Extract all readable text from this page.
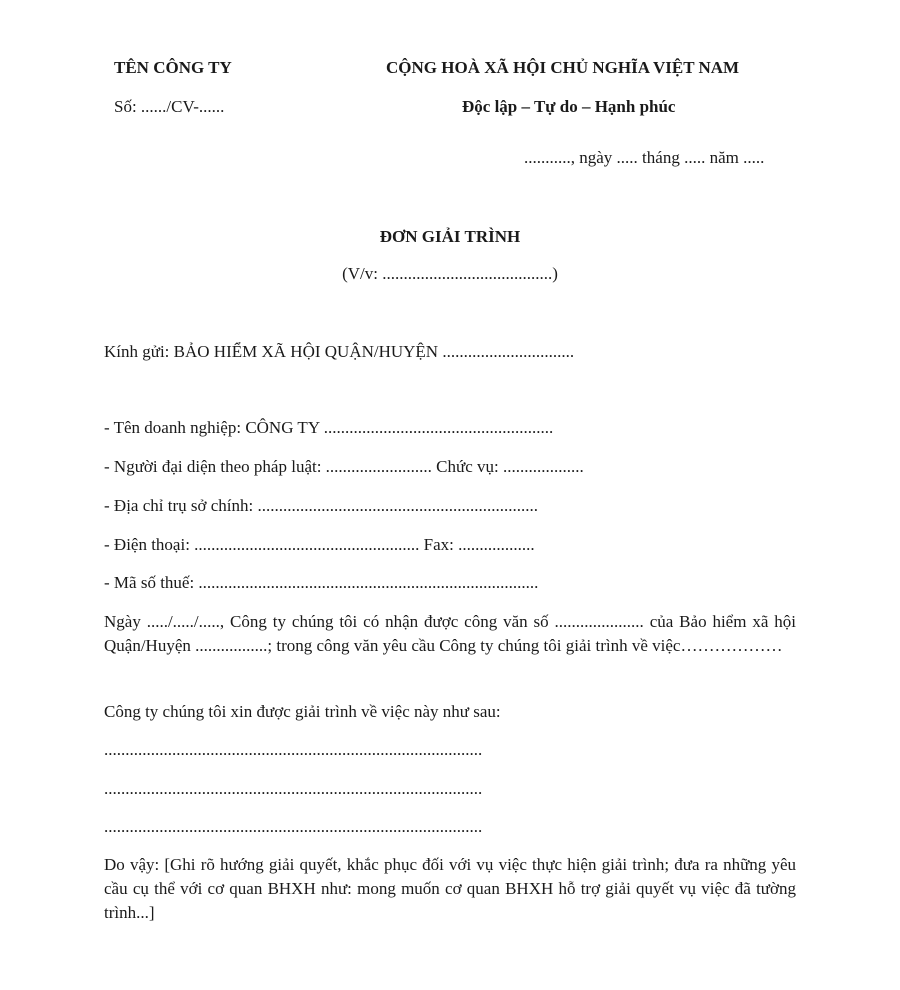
TÊN CÔNG TY
Số: ....../CV-......
CỘNG HOÀ XÃ HỘI CHỦ NGHĨA VIỆT NAM
Độc lập – Tự do – Hạnh phúc
..........., ngày ..... tháng ..... năm .....
ĐƠN GIẢI TRÌNH
(V/v: ........................................)
Kính gửi: BẢO HIỂM XÃ HỘI QUẬN/HUYỆN ...............................
- Tên doanh nghiệp: CÔNG TY ......................................................
- Người đại diện theo pháp luật: ......................... Chức vụ: ...................
- Địa chỉ trụ sở chính: ..................................................................
- Điện thoại: ..................................................... Fax: ..................
- Mã số thuế: ................................................................................
Ngày ...../...../....., Công ty chúng tôi có nhận được công văn số ..................... của Bảo hiểm xã hội Quận/Huyện .................; trong công văn yêu cầu Công ty chúng tôi giải trình về việc………………
Công ty chúng tôi xin được giải trình về việc này như sau:
.........................................................................................
.........................................................................................
.........................................................................................
Do vậy: [Ghi rõ hướng giải quyết, khắc phục đối với vụ việc thực hiện giải trình; đưa ra những yêu cầu cụ thể với cơ quan BHXH như: mong muốn cơ quan BHXH hỗ trợ giải quyết vụ việc đã tường trình...]
